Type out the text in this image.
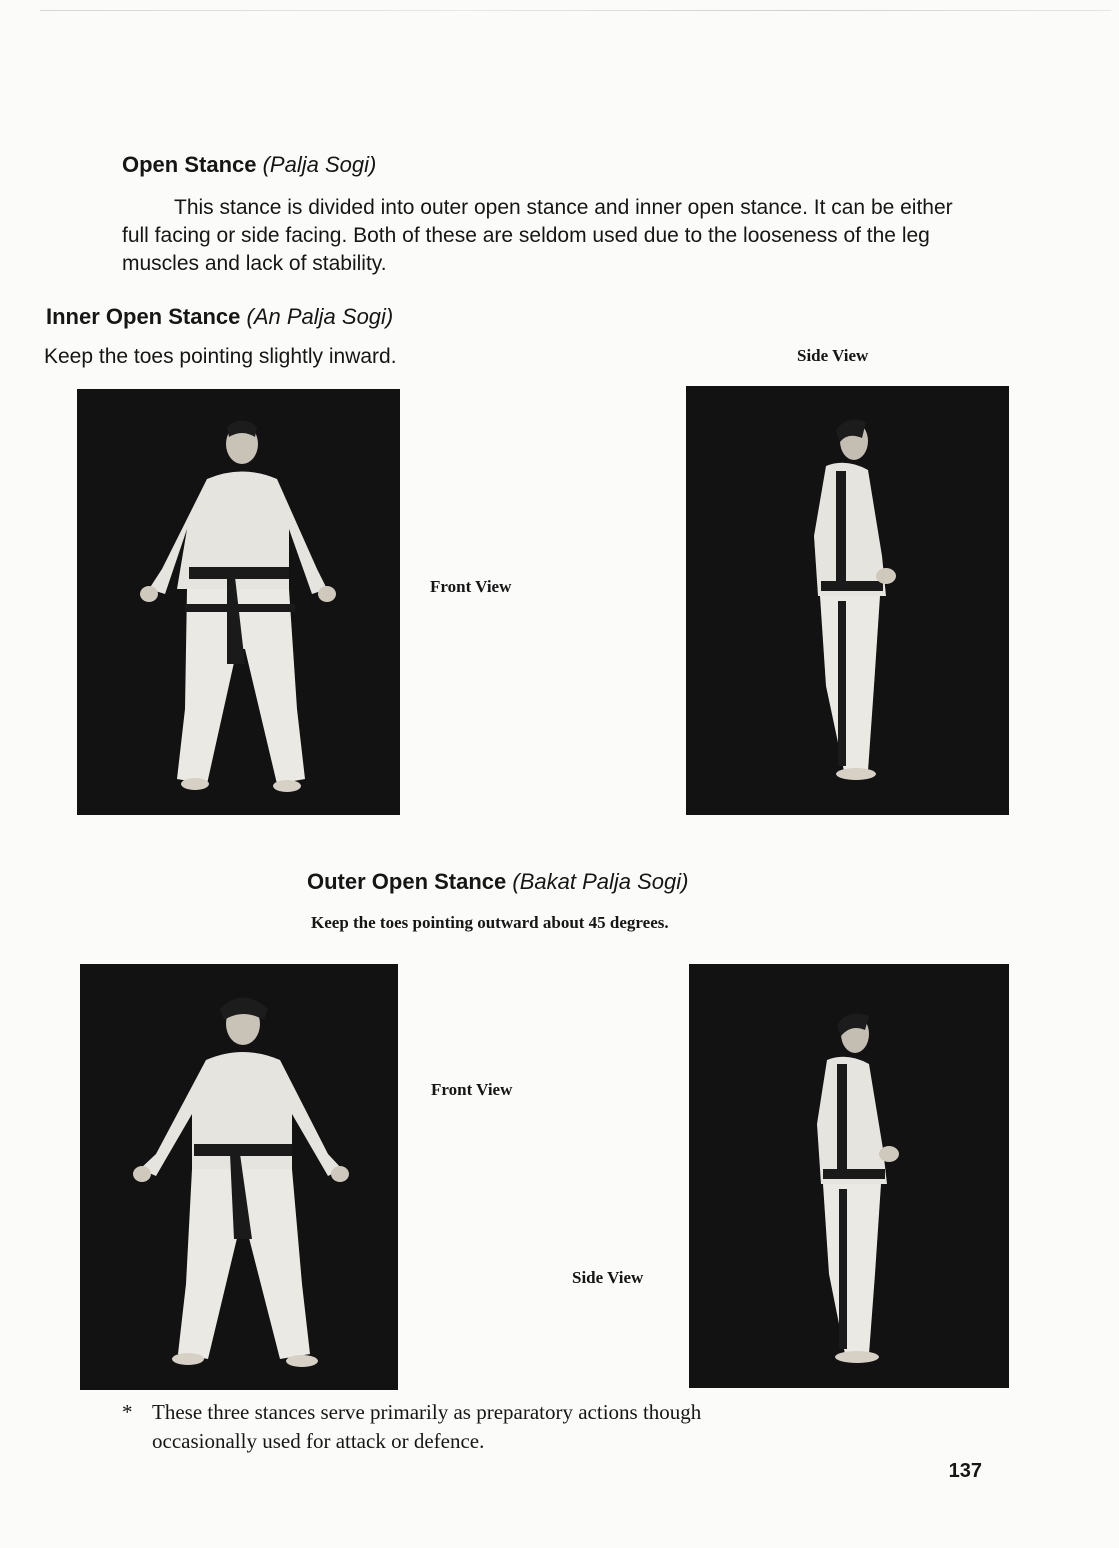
Open Stance (Palja Sogi)
This stance is divided into outer open stance and inner open stance. It can be either full facing or side facing. Both of these are seldom used due to the looseness of the leg muscles and lack of stability.
Inner Open Stance (An Palja Sogi)
Keep the toes pointing slightly inward.	Side View
Front View
Outer Open Stance (Bakat Palja Sogi)
Keep the toes pointing outward about 45 degrees.
Front View
Side View
* These three stances serve primarily as preparatory actions though
occasionally used for attack or defence.
137
